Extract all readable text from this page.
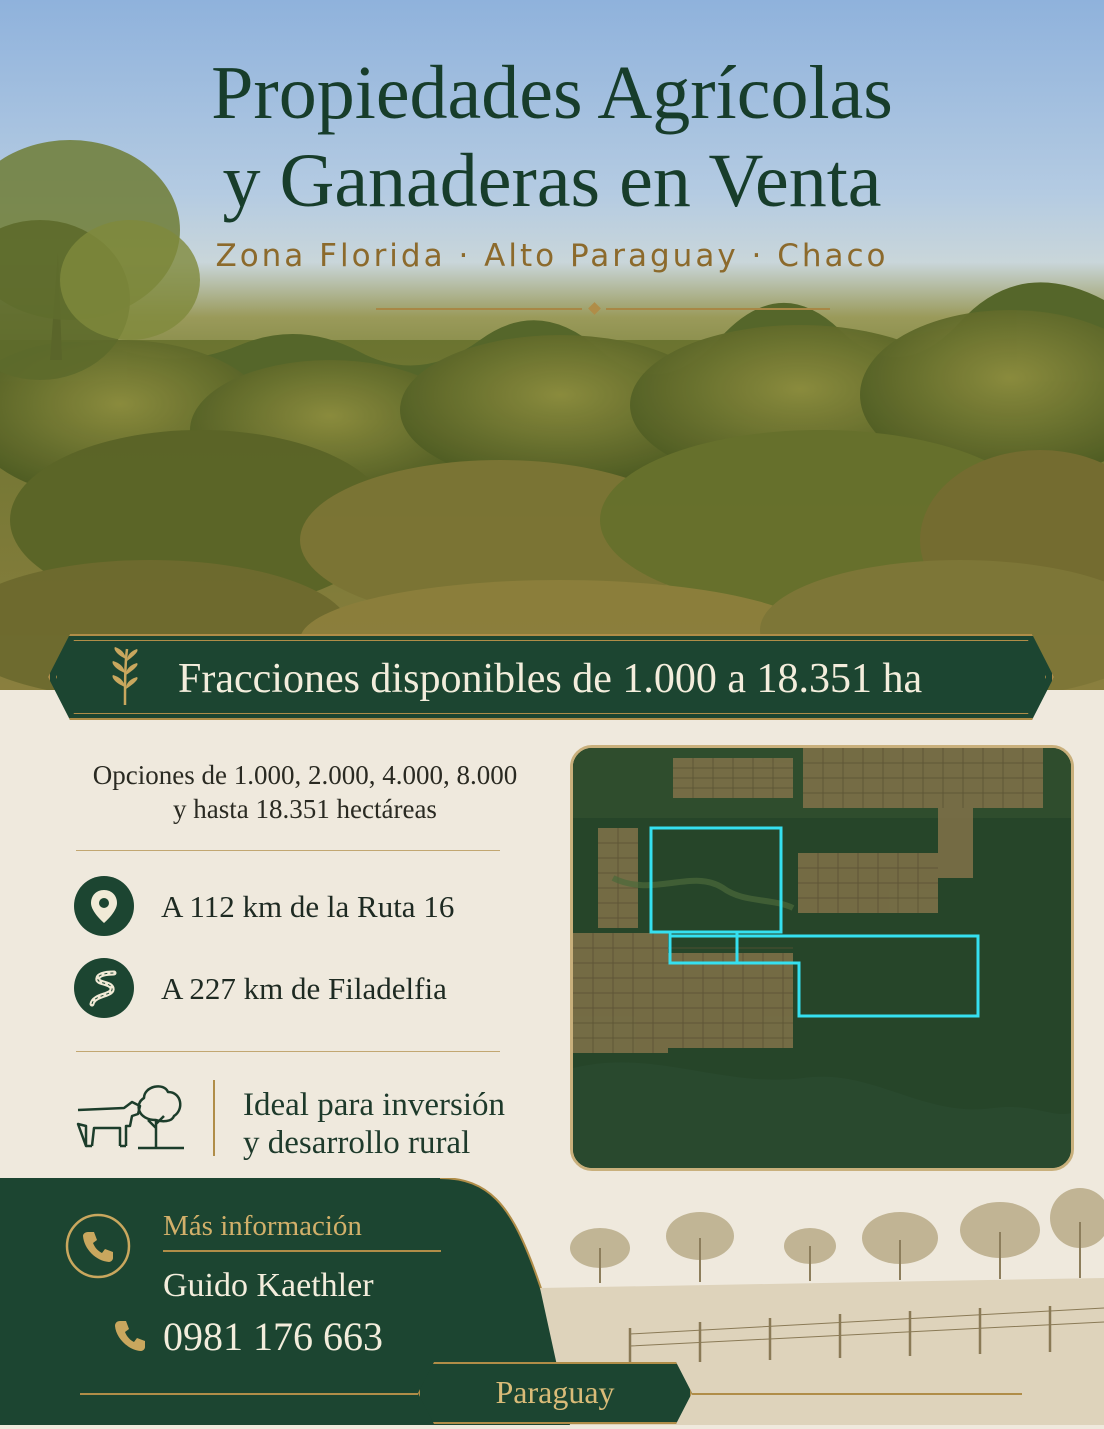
Propiedades Agrícolas
y Ganaderas en Venta
Zona Florida · Alto Paraguay · Chaco
Fracciones disponibles de 1.000 a 18.351 ha
Opciones de 1.000, 2.000, 4.000, 8.000
y hasta 18.351 hectáreas
A 112 km de la Ruta 16
A 227 km de Filadelfia
Ideal para inversión
y desarrollo rural
Más información
Guido Kaethler
0981 176 663
Paraguay
